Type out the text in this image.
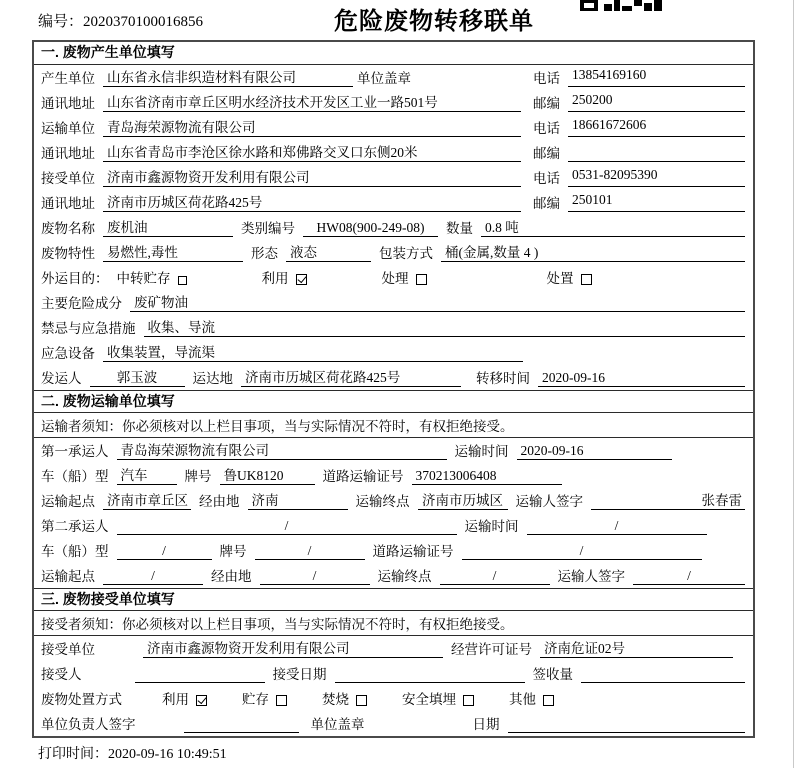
编号：2020370100016856	危险废物转移联单
一. 废物产生单位填写
产生单位 山东省永信非织造材料有限公司	单位盖章	电话 13854169160
通讯地址 山东省济南市章丘区明水经济技术开发区工业一路501号	邮编 250200
运输单位 青岛海荣源物流有限公司	电话 18661672606
通讯地址 山东省青岛市李沧区徐水路和郑佛路交叉口东侧20米	邮编
接受单位 济南市鑫源物资开发利用有限公司	电话 0531-82095390
通讯地址 济南市历城区荷花路425号	邮编 250101
废物名称 废机油	类别编号	HW08(900-249-08)	数量 0.8 吨
废物特性 易燃性,毒性	形态 液态	包装方式 桶(金属,数量 4 )
外运目的： 中转贮存	利用	处理	处置
主要危险成分 废矿物油
禁忌与应急措施 收集、导流
应急设备 收集装置，导流渠
发运人	郭玉波	运达地 济南市历城区荷花路425号	转移时间 2020-09-16
二. 废物运输单位填写
运输者须知：你必须核对以上栏目事项，当与实际情况不符时，有权拒绝接受。
第一承运人 青岛海荣源物流有限公司	运输时间 2020-09-16
车（船）型 汽车	牌号 鲁UK8120	道路运输证号 370213006408
运输起点 济南市章丘区 经由地 济南	运输终点 济南市历城区 运输人签字	张春雷
第二承运人	/	运输时间	/
车（船）型	/	牌号	/	道路运输证号	/
运输起点	/	经由地	/	运输终点	/	运输人签字	/
三. 废物接受单位填写
接受者须知：你必须核对以上栏目事项，当与实际情况不符时，有权拒绝接受。
接受单位	济南市鑫源物资开发利用有限公司	经营许可证号 济南危证02号
接受人	接受日期	签收量
废物处置方式	利用	贮存	焚烧	安全填埋	其他
单位负责人签字	单位盖章	日期
打印时间：2020-09-16 10:49:51
